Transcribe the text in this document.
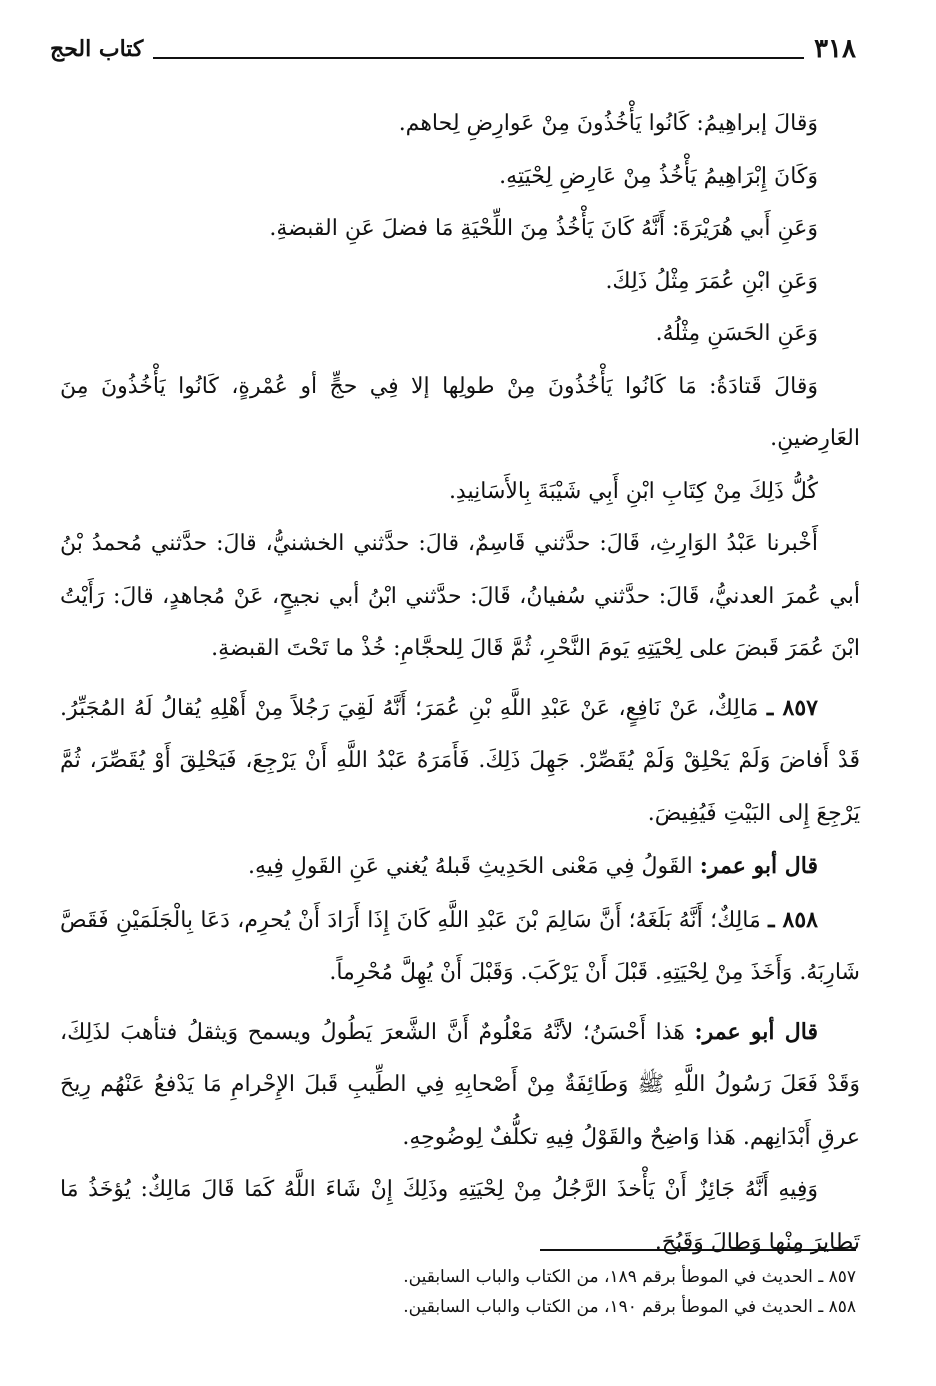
٣١٨
كتاب الحج

وَقالَ إبراهِيمُ: كَانُوا يَأْخُذُونَ مِنْ عَوارِضِ لِحاهم.

وَكَانَ إِبْرَاهِيمُ يَأْخُذُ مِنْ عَارِضِ لِحْيَتِهِ.

وَعَنِ أَبي هُرَيْرَةَ: أَنَّهُ كَانَ يَأْخُذُ مِنَ اللِّحْيَةِ مَا فضلَ عَنِ القبضةِ.

وَعَنِ ابْنِ عُمَرَ مِثْلُ ذَلِكَ.

وَعَنِ الحَسَنِ مِثْلُهُ.

وَقالَ قَتادَةُ: مَا كَانُوا يَأْخُذُونَ مِنْ طولِها إلا فِي حجٍّ أو عُمْرةٍ، كَانُوا يَأْخُذُونَ مِنَ العَارِضينِ.

كُلُّ ذَلِكَ مِنْ كِتَابِ ابْنِ أَبِي شَيْبَةَ بِالأَسَانِيدِ.

أَخْبرنا عَبْدُ الوَارِثِ، قَالَ: حدَّثني قَاسِمٌ، قالَ: حدَّثني الخشنيُّ، قالَ: حدَّثني مُحمدُ بْنُ أبي عُمرَ العدنيُّ، قَالَ: حدَّثني سُفيانُ، قَالَ: حدَّثني ابْنُ أبي نجيحٍ، عَنْ مُجاهدٍ، قالَ: رَأَيْتُ ابْنَ عُمَرَ قَبضَ على لِحْيَتِهِ يَومَ النَّحْرِ، ثُمَّ قَالَ لِلحجَّامِ: خُذْ ما تَحْتَ القبضةِ.

٨٥٧ ـ مَالِكٌ، عَنْ نَافِعٍ، عَنْ عَبْدِ اللَّهِ بْنِ عُمَرَ؛ أَنَّهُ لَقِيَ رَجُلاً مِنْ أَهْلِهِ يُقالُ لَهُ المُجَبِّرُ. قَدْ أَفاضَ وَلَمْ يَحْلِقْ وَلَمْ يُقَصِّرْ. جَهِلَ ذَلِكَ. فَأَمَرَهُ عَبْدُ اللَّهِ أَنْ يَرْجِعَ، فَيَحْلِقَ أَوْ يُقَصِّرَ، ثُمَّ يَرْجِعَ إِلى البَيْتِ فَيُفِيضَ.

قال أبو عمر: القَولُ فِي مَعْنى الحَدِيثِ قَبلهُ يُغني عَنِ القَولِ فِيهِ.

٨٥٨ ـ مَالِكٌ؛ أَنَّهُ بَلَغَهُ؛ أَنَّ سَالِمَ بْنَ عَبْدِ اللَّهِ كَانَ إِذَا أَرَادَ أَنْ يُحرِم، دَعَا بِالْجَلَمَيْنِ فَقَصَّ شَارِبَهُ. وَأَخَذَ مِنْ لِحْيَتِهِ. قَبْلَ أَنْ يَرْكَبَ. وَقَبْلَ أَنْ يُهِلَّ مُحْرِماً.

قال أبو عمر: هَذا أَحْسَنُ؛ لأنَّهُ مَعْلُومٌ أَنَّ الشَّعرَ يَطُولُ ويسمح وَيثقلُ فتأهبَ لذَلِكَ، وَقَدْ فَعَلَ رَسُولُ اللَّهِ ﷺ وَطَائِفَةٌ مِنْ أَصْحابِهِ فِي الطِّيبِ قَبلَ الإِحْرامِ مَا يَدْفعُ عَنْهُم رِيحَ عرقِ أَبْدَانِهم. هَذا وَاضِحٌ والقَوْلُ فِيهِ تكلُّفٌ لِوضُوحِهِ.

وَفِيهِ أَنَّهُ جَائِزٌ أَنْ يَأْخذَ الرَّجُلُ مِنْ لِحْيَتِهِ وذَلِكَ إِنْ شَاءَ اللَّهُ كَمَا قَالَ مَالِكٌ: يُؤخَذُ مَا تَطايرَ مِنْها وَطالَ وَقَبُحَ.

٨٥٧ ـ الحديث في الموطأ برقم ١٨٩، من الكتاب والباب السابقين.

٨٥٨ ـ الحديث في الموطأ برقم ١٩٠، من الكتاب والباب السابقين.
